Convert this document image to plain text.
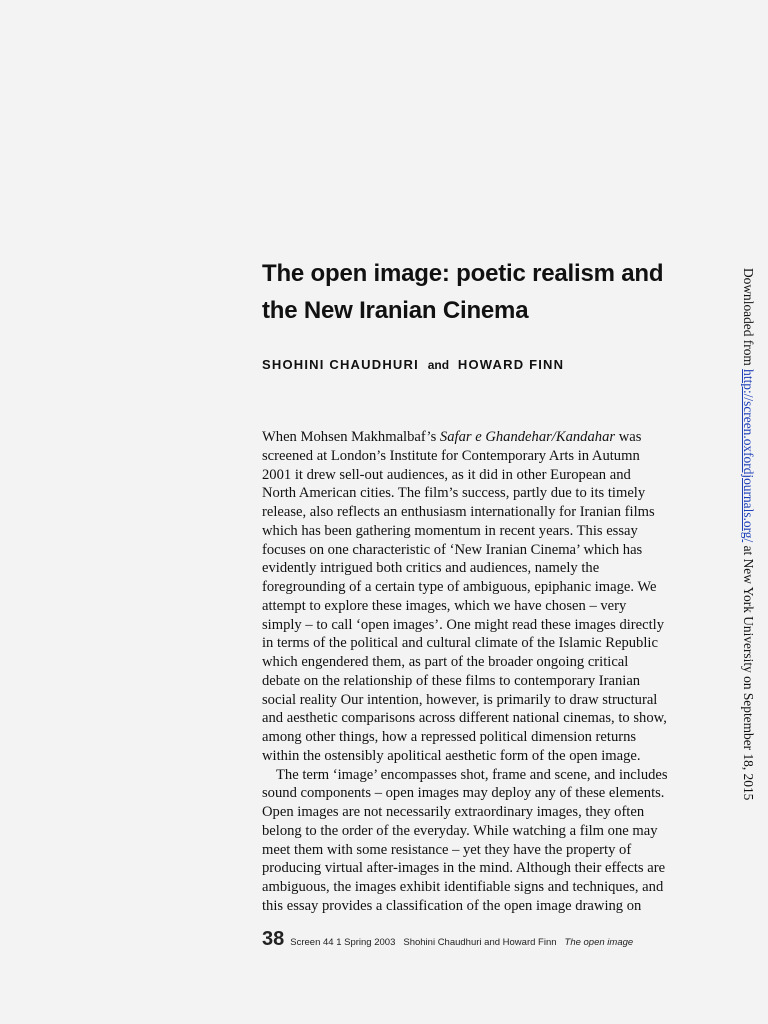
The open image: poetic realism and
the New Iranian Cinema
SHOHINI CHAUDHURI and HOWARD FINN
When Mohsen Makhmalbaf’s Safar e Ghandehar/Kandahar was
screened at London’s Institute for Contemporary Arts in Autumn
2001 it drew sell-out audiences, as it did in other European and
North American cities. The film’s success, partly due to its timely
release, also reflects an enthusiasm internationally for Iranian films
which has been gathering momentum in recent years. This essay
focuses on one characteristic of ‘New Iranian Cinema’ which has
evidently intrigued both critics and audiences, namely the
foregrounding of a certain type of ambiguous, epiphanic image. We
attempt to explore these images, which we have chosen – very
simply – to call ‘open images’. One might read these images directly
in terms of the political and cultural climate of the Islamic Republic
which engendered them, as part of the broader ongoing critical
debate on the relationship of these films to contemporary Iranian
social reality Our intention, however, is primarily to draw structural
and aesthetic comparisons across different national cinemas, to show,
among other things, how a repressed political dimension returns
within the ostensibly apolitical aesthetic form of the open image.
The term ‘image’ encompasses shot, frame and scene, and includes
sound components – open images may deploy any of these elements.
Open images are not necessarily extraordinary images, they often
belong to the order of the everyday. While watching a film one may
meet them with some resistance – yet they have the property of
producing virtual after-images in the mind. Although their effects are
ambiguous, the images exhibit identifiable signs and techniques, and
this essay provides a classification of the open image drawing on
38 Screen 44 1 Spring 2003 Shohini Chaudhuri and Howard Finn The open image
Downloaded from http://screen.oxfordjournals.org/ at New York University on September 18, 2015
